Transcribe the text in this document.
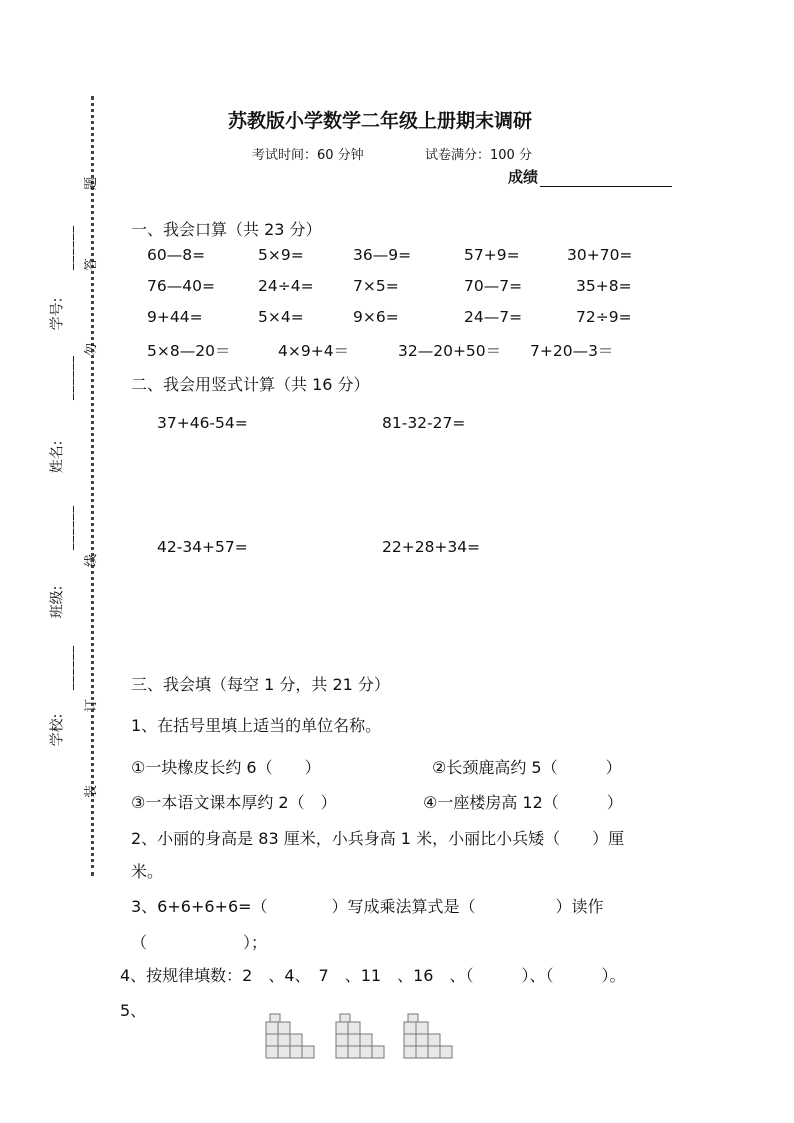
学号:
______
姓名:
______
班级:
______
学校:
______
题
答
勿
线
订
装
苏教版小学数学二年级上册期末调研
考试时间：60 分钟	试卷满分：100 分
成绩
一、我会口算（共 23 分）
60—8=	5×9=	36—9=	57+9=	30+70=
76—40=	24÷4=	7×5=	70—7=	35+8=
9+44=	5×4=	9×6=	24—7=	72÷9=
5×8—20＝	4×9+4＝	32—20+50＝ 7+20—3＝
二、我会用竖式计算（共 16 分）
37+46-54=	81-32-27=
42-34+57=	22+28+34=
三、我会填（每空 1 分，共 21 分）
1、在括号里填上适当的单位名称。
①一块橡皮长约 6（　　）	②长颈鹿高约 5（　　　）
③一本语文课本厚约 2（　）	④一座楼房高 12（　　　）
2、小丽的身高是 83 厘米，小兵身高 1 米，小丽比小兵矮（　　）厘
米。
3、6+6+6+6=（　　　　）写成乘法算式是（　　　　　）读作
（　　　　　　）；
4、按规律填数：2　、4、　7　、11　、16　、（　　　）、（　　　）。
5、
